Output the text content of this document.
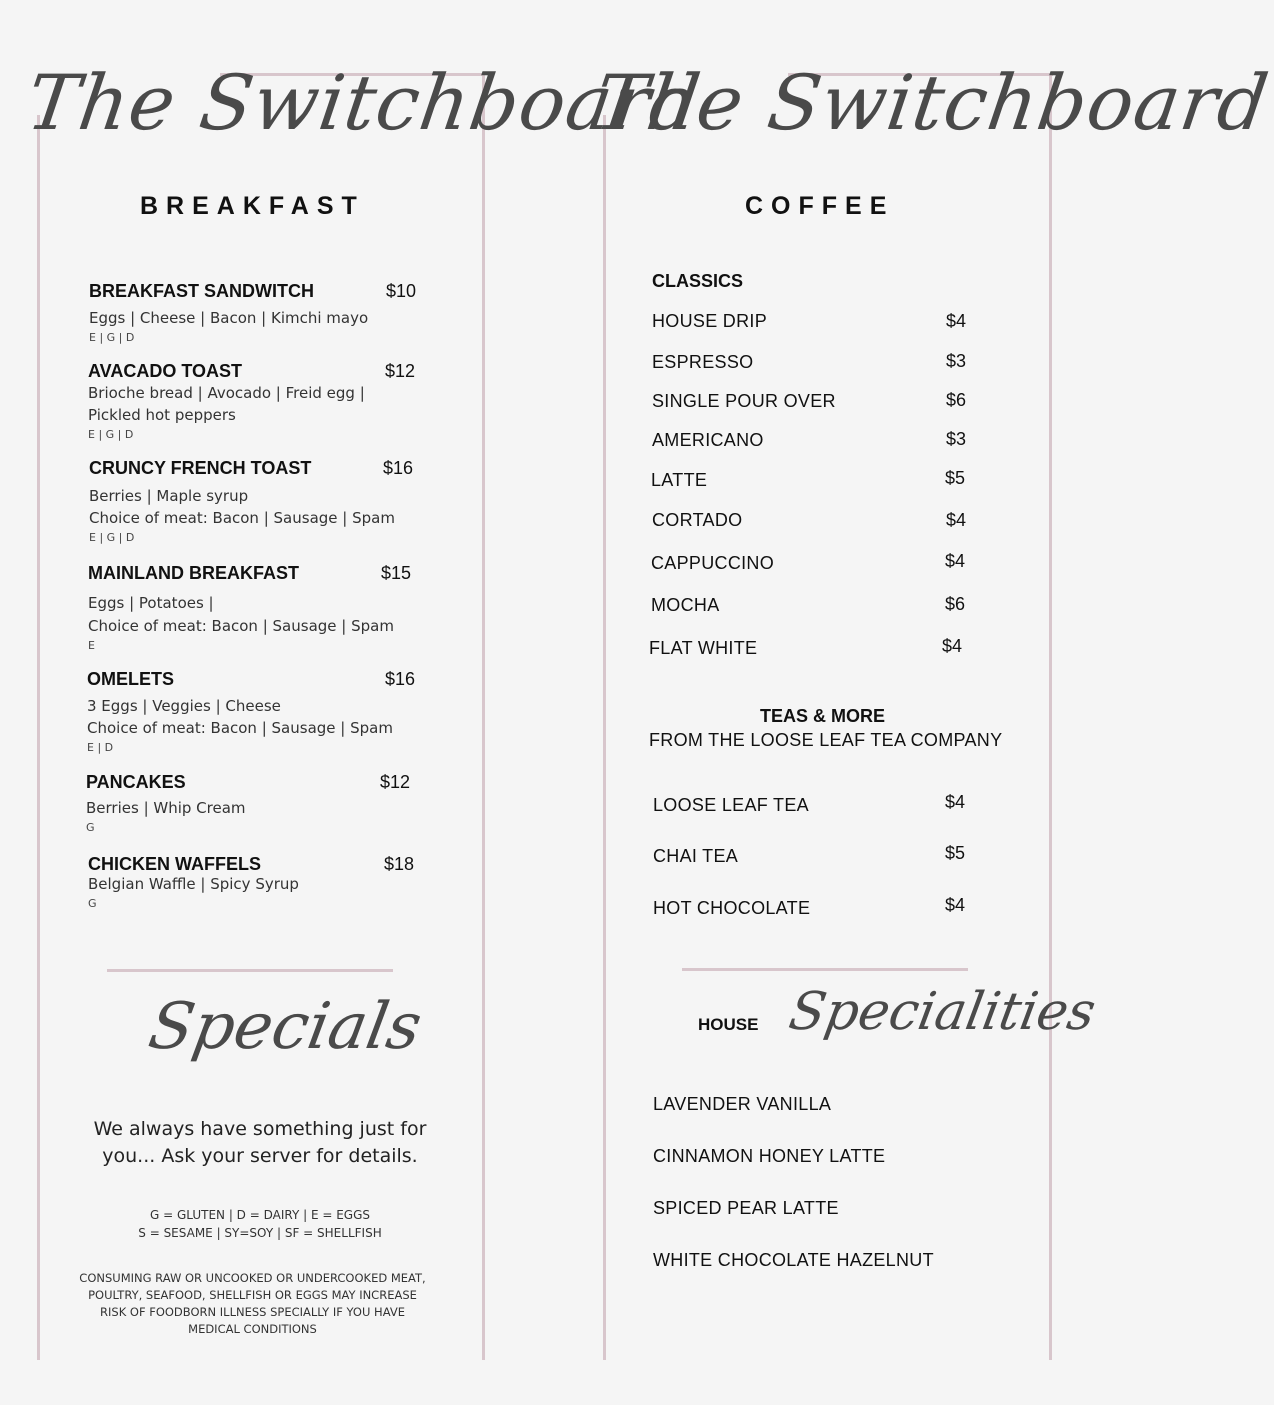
The Switchboard
BREAKFAST
BREAKFAST SANDWITCH	$10
Eggs | Cheese | Bacon | Kimchi mayo
E | G | D
AVACADO TOAST	$12
Brioche bread | Avocado | Freid egg |
Pickled hot peppers
E | G | D
CRUNCY FRENCH TOAST	$16
Berries | Maple syrup
Choice of meat: Bacon | Sausage | Spam
E | G | D
MAINLAND BREAKFAST	$15
Eggs | Potatoes |
Choice of meat: Bacon | Sausage | Spam
E
OMELETS	$16
3 Eggs | Veggies | Cheese
Choice of meat: Bacon | Sausage | Spam
E | D
PANCAKES	$12
Berries | Whip Cream
G
CHICKEN WAFFELS	$18
Belgian Waffle | Spicy Syrup
G
Specials
We always have something just for
you... Ask your server for details.
G = GLUTEN | D = DAIRY | E = EGGS
S = SESAME | SY=SOY | SF = SHELLFISH
CONSUMING RAW OR UNCOOKED OR UNDERCOOKED MEAT,
POULTRY, SEAFOOD, SHELLFISH OR EGGS MAY INCREASE
RISK OF FOODBORN ILLNESS SPECIALLY IF YOU HAVE
MEDICAL CONDITIONS
The Switchboard
COFFEE
CLASSICS
HOUSE DRIP	$4
ESPRESSO	$3
SINGLE POUR OVER	$6
AMERICANO	$3
LATTE	$5
CORTADO	$4
CAPPUCCINO	$4
MOCHA	$6
FLAT WHITE	$4
TEAS & MORE
FROM THE LOOSE LEAF TEA COMPANY
LOOSE LEAF TEA	$4
CHAI TEA	$5
HOT CHOCOLATE	$4
HOUSE Specialities
LAVENDER VANILLA
CINNAMON HONEY LATTE
SPICED PEAR LATTE
WHITE CHOCOLATE HAZELNUT
